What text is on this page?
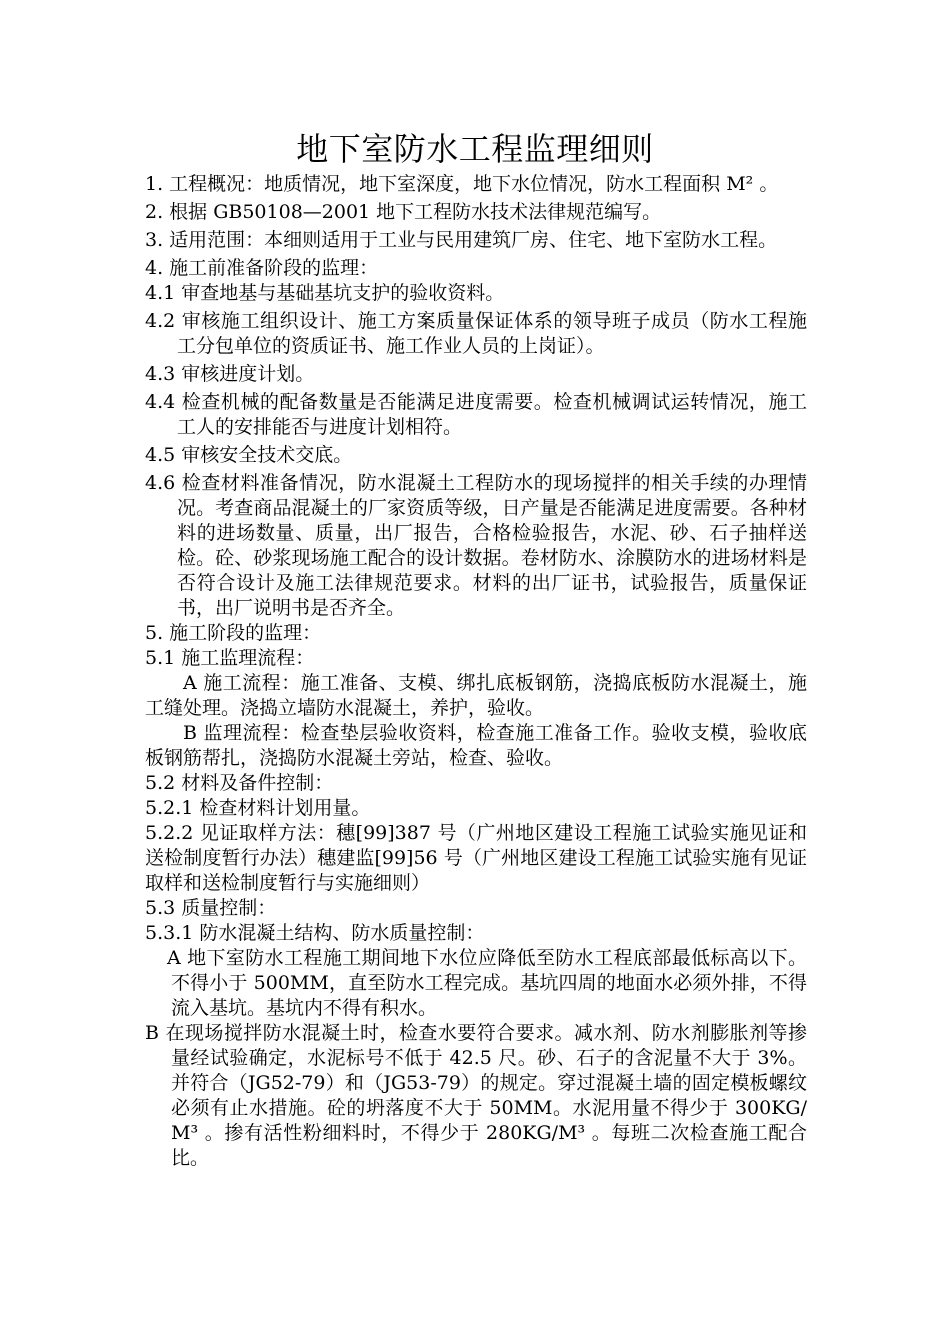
地下室防水工程监理细则

1. 工程概况：地质情况，地下室深度，地下水位情况，防水工程面积 M² 。

2. 根据 GB50108—2001 地下工程防水技术法律规范编写。

3. 适用范围：本细则适用于工业与民用建筑厂房、住宅、地下室防水工程。

4. 施工前准备阶段的监理：

4.1 审查地基与基础基坑支护的验收资料。

4.2 审核施工组织设计、施工方案质量保证体系的领导班子成员（防水工程施工分包单位的资质证书、施工作业人员的上岗证）。

4.3 审核进度计划。

4.4 检查机械的配备数量是否能满足进度需要。检查机械调试运转情况，施工工人的安排能否与进度计划相符。

4.5 审核安全技术交底。

4.6 检查材料准备情况，防水混凝土工程防水的现场搅拌的相关手续的办理情况。考查商品混凝土的厂家资质等级，日产量是否能满足进度需要。各种材料的进场数量、质量，出厂报告，合格检验报告，水泥、砂、石子抽样送检。砼、砂浆现场施工配合的设计数据。卷材防水、涂膜防水的进场材料是否符合设计及施工法律规范要求。材料的出厂证书，试验报告，质量保证书，出厂说明书是否齐全。

5. 施工阶段的监理：

5.1 施工监理流程：

A 施工流程：施工准备、支模、绑扎底板钢筋，浇捣底板防水混凝土，施工缝处理。浇捣立墙防水混凝土，养护，验收。

B 监理流程：检查垫层验收资料，检查施工准备工作。验收支模，验收底板钢筋帮扎，浇捣防水混凝土旁站，检查、验收。

5.2 材料及备件控制：

5.2.1 检查材料计划用量。

5.2.2 见证取样方法：穗[99]387 号（广州地区建设工程施工试验实施见证和送检制度暂行办法）穗建监[99]56 号（广州地区建设工程施工试验实施有见证取样和送检制度暂行与实施细则）

5.3 质量控制：

5.3.1 防水混凝土结构、防水质量控制：

A 地下室防水工程施工期间地下水位应降低至防水工程底部最低标高以下。不得小于 500MM，直至防水工程完成。基坑四周的地面水必须外排，不得流入基坑。基坑内不得有积水。

B 在现场搅拌防水混凝土时，检查水要符合要求。减水剂、防水剂膨胀剂等掺量经试验确定，水泥标号不低于 42.5 尺。砂、石子的含泥量不大于 3%。并符合（JG52-79）和（JG53-79）的规定。穿过混凝土墙的固定模板螺纹必须有止水措施。砼的坍落度不大于 50MM。水泥用量不得少于 300KG/M³ 。掺有活性粉细料时，不得少于 280KG/M³ 。每班二次检查施工配合比。
